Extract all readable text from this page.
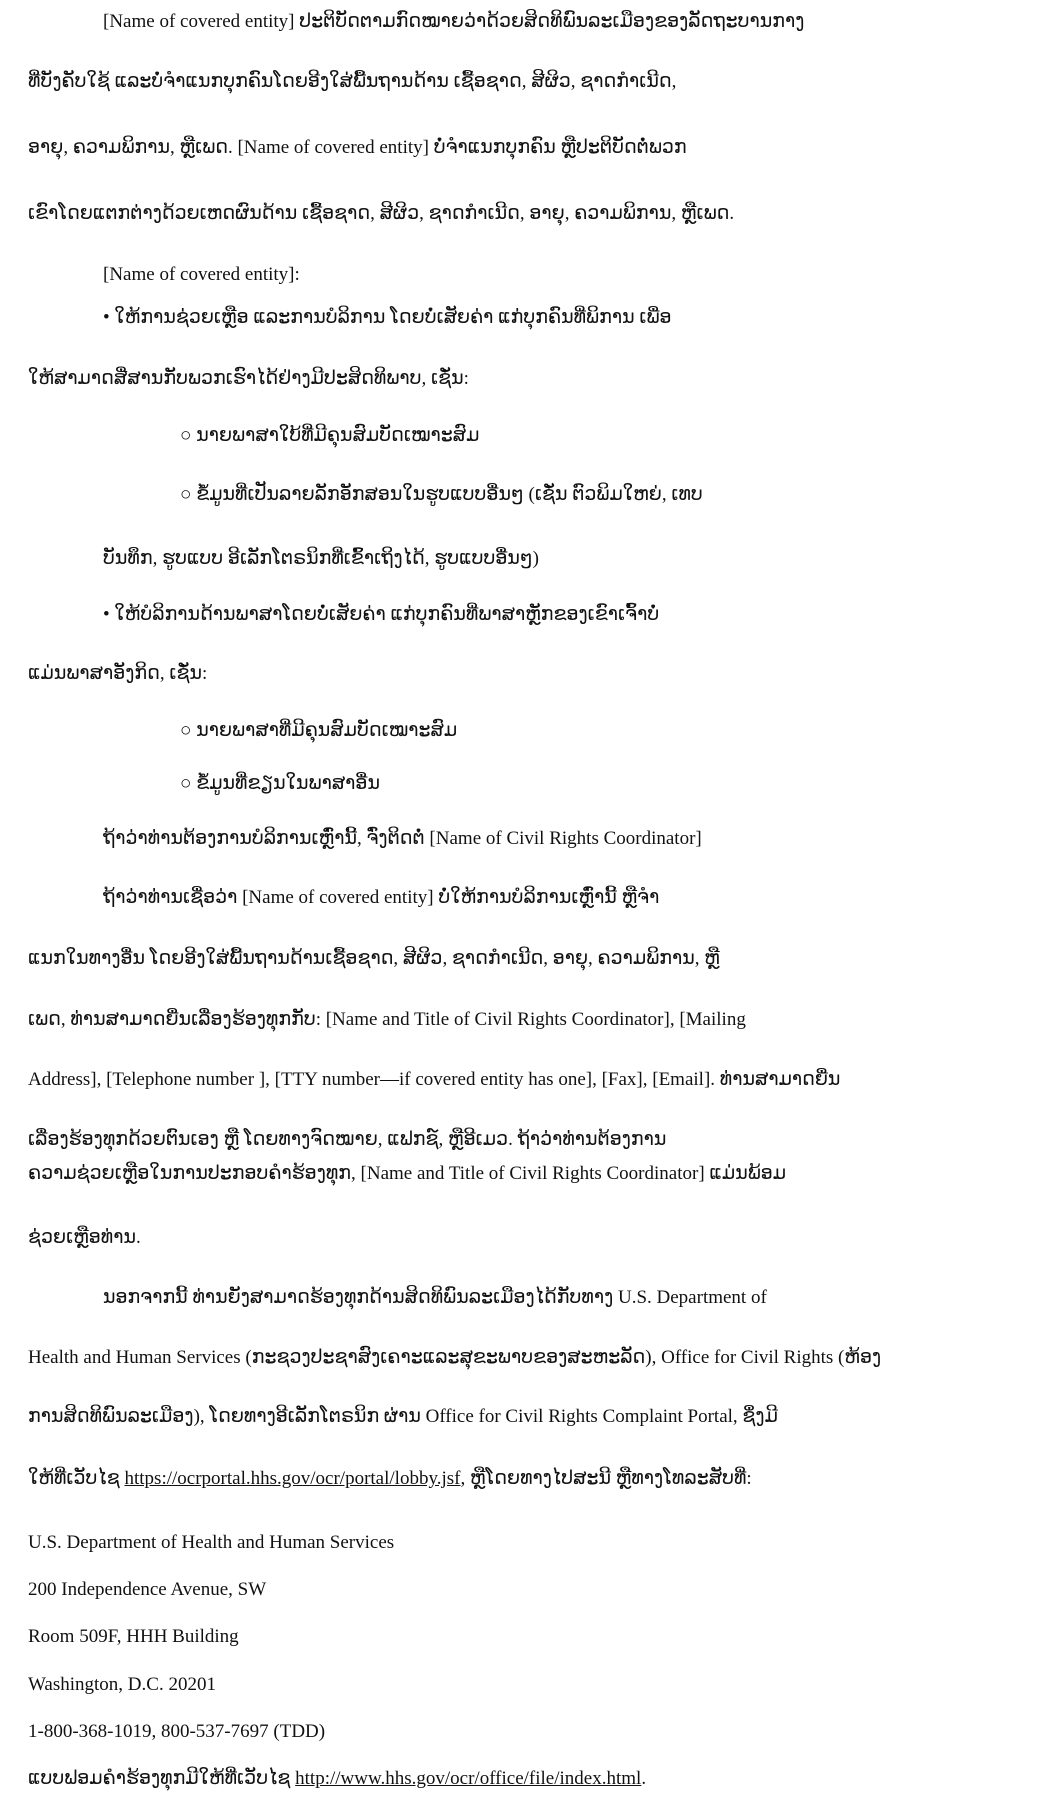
[Name of covered entity] ປະຕິບັດຕາມກົດໝາຍວ່າດ້ວຍສິດທິພົນລະເມືອງຂອງລັດຖະບານກາງ
ທີ່ບັງຄັບໃຊ້ ແລະບໍ່ຈຳແນກບຸກຄົນໂດຍອີງໃສ່ພື້ນຖານດ້ານ ເຊື້ອຊາດ, ສີຜິວ, ຊາດກຳເນີດ,
ອາຍຸ, ຄວາມພິການ, ຫຼືເພດ. [Name of covered entity] ບໍ່ຈຳແນກບຸກຄົນ ຫຼືປະຕິບັດຕໍ່ພວກ
ເຂົາໂດຍແຕກຕ່າງດ້ວຍເຫດຜົນດ້ານ ເຊື້ອຊາດ, ສີຜິວ, ຊາດກຳເນີດ, ອາຍຸ, ຄວາມພິການ, ຫຼືເພດ.
[Name of covered entity]:
• ໃຫ້ການຊ່ວຍເຫຼືອ ແລະການບໍລິການ ໂດຍບໍ່ເສັຍຄ່າ ແກ່ບຸກຄົນທີ່ພິການ ເພື່ອ
ໃຫ້ສາມາດສື່ສານກັບພວກເຮົາໄດ້ຢ່າງມີປະສິດທິພາບ, ເຊັ່ນ:
○ ນາຍພາສາໃບ້ທີ່ມີຄຸນສົມບັດເໝາະສົມ
○ ຂໍ້ມູນທີ່ເປັນລາຍລັກອັກສອນໃນຮູບແບບອື່ນໆ (ເຊັ່ນ ຕົວພິມໃຫຍ່, ເທບ
ບັນທຶກ, ຮູບແບບ ອີເລັກໂຕຣນິກທີ່ເຂົ້າເຖິງໄດ້, ຮູບແບບອື່ນໆ)
• ໃຫ້ບໍລິການດ້ານພາສາໂດຍບໍ່ເສັຍຄ່າ ແກ່ບຸກຄົນທີ່ພາສາຫຼັກຂອງເຂົາເຈົ້າບໍ່
ແມ່ນພາສາອັງກິດ, ເຊັ່ນ:
○ ນາຍພາສາທີ່ມີຄຸນສົມບັດເໝາະສົມ
○ ຂໍ້ມູນທີ່ຂຽນໃນພາສາອື່ນ
ຖ້າວ່າທ່ານຕ້ອງການບໍລິການເຫຼົ່ານີ້, ຈົ່ງຕິດຕໍ່ [Name of Civil Rights Coordinator]
ຖ້າວ່າທ່ານເຊື່ອວ່າ [Name of covered entity] ບໍ່ໃຫ້ການບໍລິການເຫຼົ່ານີ້ ຫຼືຈຳ
ແນກໃນທາງອື່ນ ໂດຍອີງໃສ່ພື້ນຖານດ້ານເຊື້ອຊາດ, ສີຜິວ, ຊາດກຳເນີດ, ອາຍຸ, ຄວາມພິການ, ຫຼື
ເພດ, ທ່ານສາມາດຍື່ນເລື່ອງຮ້ອງທຸກກັບ: [Name and Title of Civil Rights Coordinator], [Mailing
Address], [Telephone number ], [TTY number—if covered entity has one], [Fax], [Email]. ທ່ານສາມາດຍື່ນ
ເລື່ອງຮ້ອງທຸກດ້ວຍຕົນເອງ ຫຼື ໂດຍທາງຈົດໝາຍ, ແຟກຊ໌, ຫຼືອີເມວ. ຖ້າວ່າທ່ານຕ້ອງການ
ຄວາມຊ່ວຍເຫຼືອໃນການປະກອບຄຳຮ້ອງທຸກ, [Name and Title of Civil Rights Coordinator] ແມ່ນພ້ອມ
ຊ່ວຍເຫຼືອທ່ານ.
ນອກຈາກນີ້ ທ່ານຍັງສາມາດຮ້ອງທຸກດ້ານສິດທິພົນລະເມືອງໄດ້ກັບທາງ U.S. Department of
Health and Human Services (ກະຊວງປະຊາສົງເຄາະແລະສຸຂະພາບຂອງສະຫະລັດ), Office for Civil Rights (ຫ້ອງ
ການສິດທິພົນລະເມືອງ), ໂດຍທາງອີເລັກໂຕຣນິກ ຜ່ານ Office for Civil Rights Complaint Portal, ຊຶ່ງມີ
ໃຫ້ທີ່ເວັບໄຊ https://ocrportal.hhs.gov/ocr/portal/lobby.jsf, ຫຼືໂດຍທາງໄປສະນີ ຫຼືທາງໂທລະສັບທີ່:
U.S. Department of Health and Human Services
200 Independence Avenue, SW
Room 509F, HHH Building
Washington, D.C. 20201
1-800-368-1019, 800-537-7697 (TDD)
ແບບຟອມຄຳຮ້ອງທຸກມີໃຫ້ທີ່ເວັບໄຊ http://www.hhs.gov/ocr/office/file/index.html.
